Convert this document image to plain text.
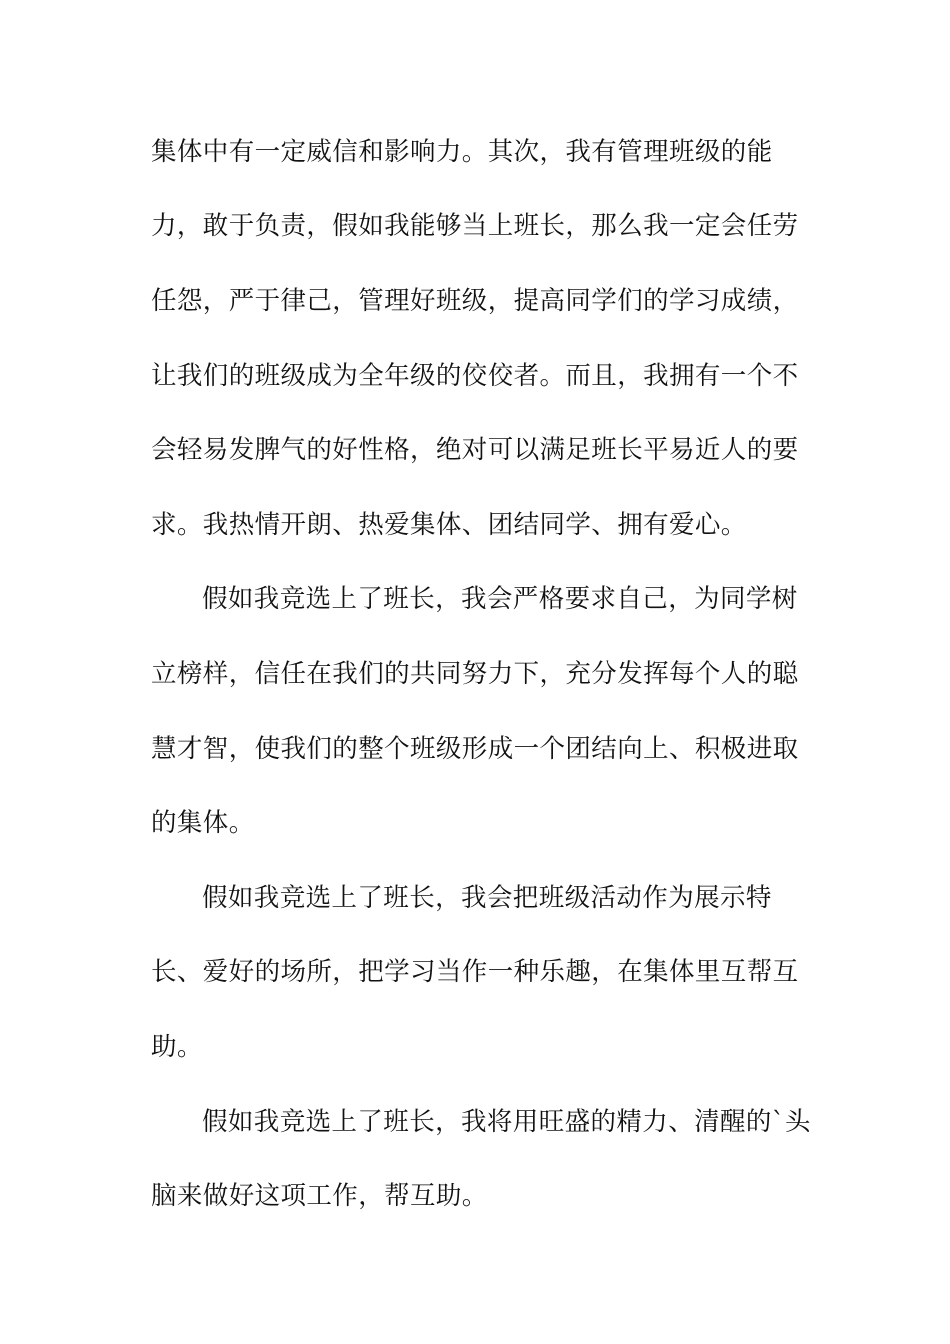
集体中有一定威信和影响力。其次，我有管理班级的能
力，敢于负责，假如我能够当上班长，那么我一定会任劳
任怨，严于律己，管理好班级，提高同学们的学习成绩，
让我们的班级成为全年级的佼佼者。而且，我拥有一个不
会轻易发脾气的好性格，绝对可以满足班长平易近人的要
求。我热情开朗、热爱集体、团结同学、拥有爱心。
假如我竞选上了班长，我会严格要求自己，为同学树
立榜样，信任在我们的共同努力下，充分发挥每个人的聪
慧才智，使我们的整个班级形成一个团结向上、积极进取
的集体。
假如我竞选上了班长，我会把班级活动作为展示特
长、爱好的场所，把学习当作一种乐趣，在集体里互帮互
助。
假如我竞选上了班长，我将用旺盛的精力、清醒的`头
脑来做好这项工作，帮互助。
